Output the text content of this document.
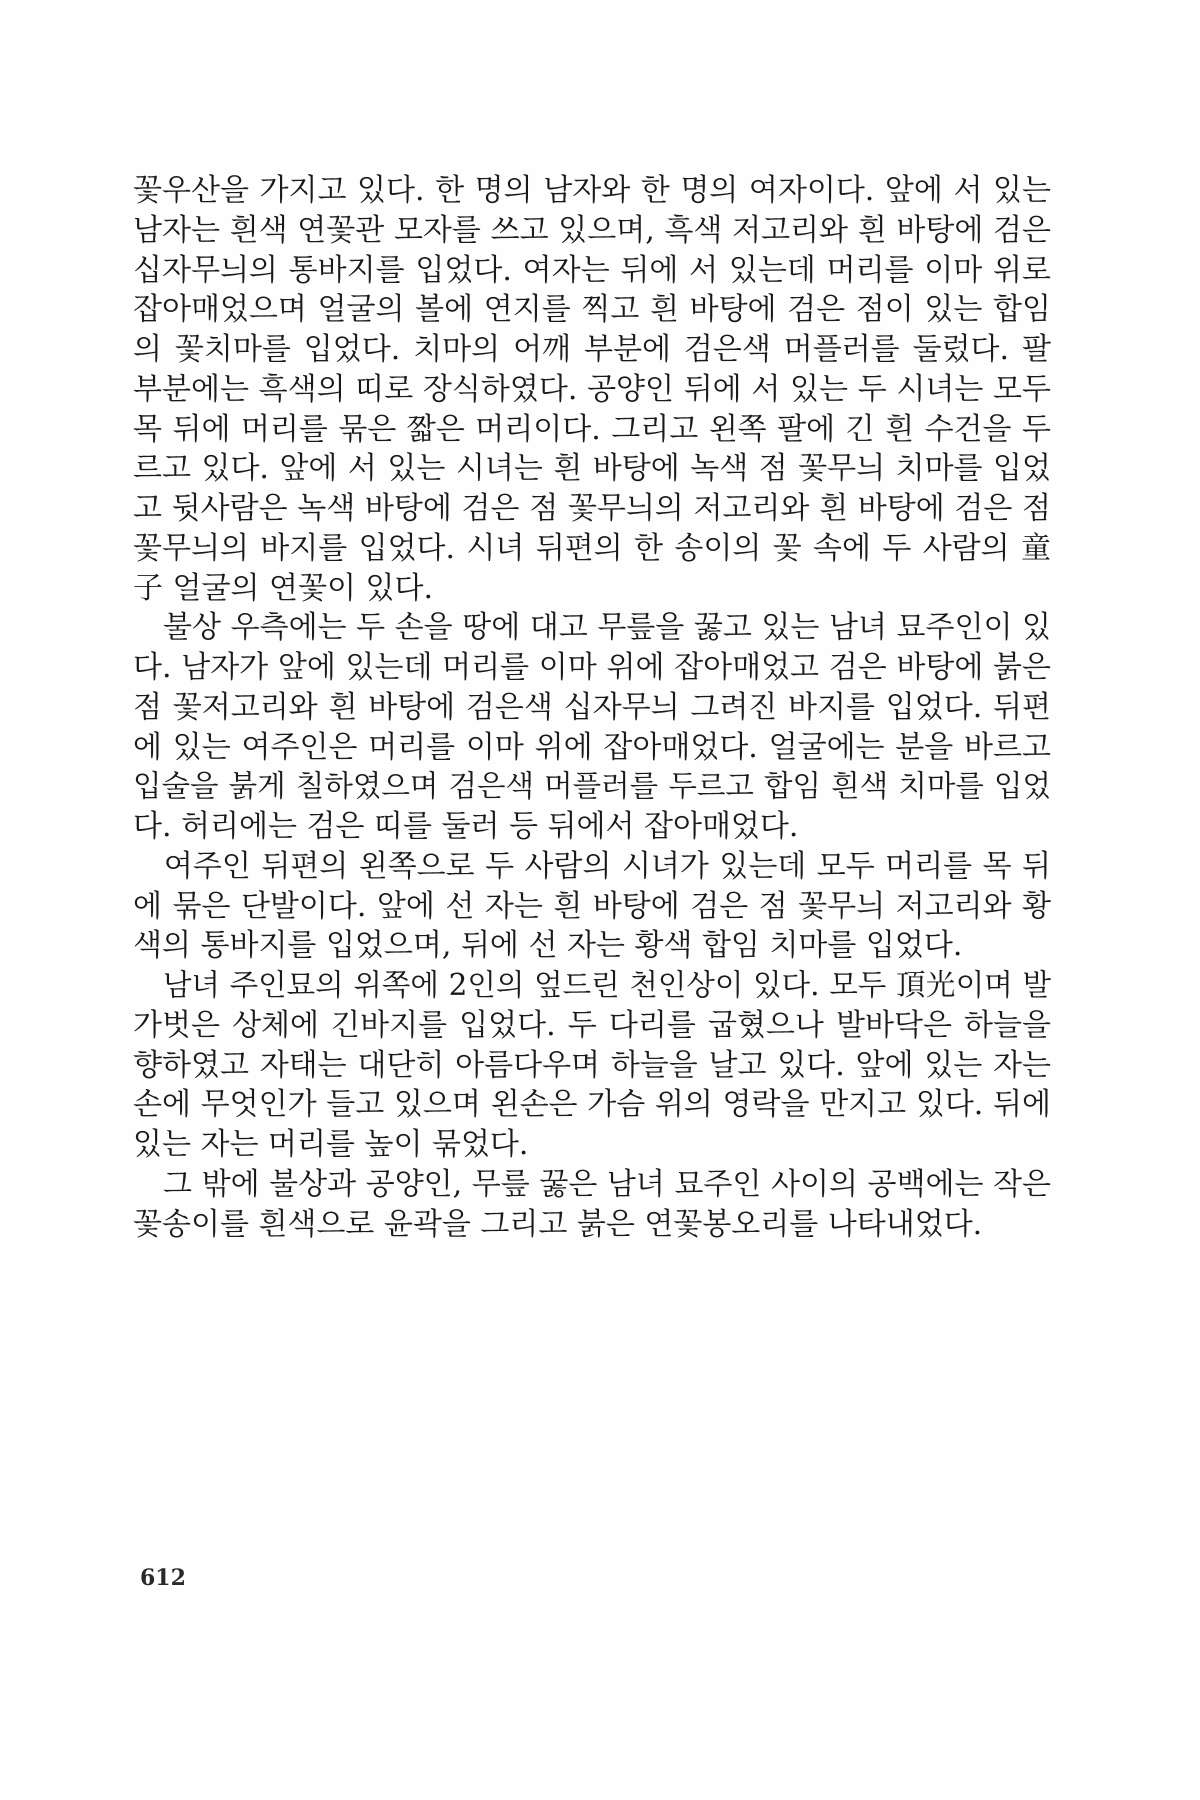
꽃우산을 가지고 있다. 한 명의 남자와 한 명의 여자이다. 앞에 서 있는
남자는 흰색 연꽃관 모자를 쓰고 있으며, 흑색 저고리와 흰 바탕에 검은
십자무늬의 통바지를 입었다. 여자는 뒤에 서 있는데 머리를 이마 위로
잡아매었으며 얼굴의 볼에 연지를 찍고 흰 바탕에 검은 점이 있는 합임
의 꽃치마를 입었다. 치마의 어깨 부분에 검은색 머플러를 둘렀다. 팔
부분에는 흑색의 띠로 장식하였다. 공양인 뒤에 서 있는 두 시녀는 모두
목 뒤에 머리를 묶은 짧은 머리이다. 그리고 왼쪽 팔에 긴 흰 수건을 두
르고 있다. 앞에 서 있는 시녀는 흰 바탕에 녹색 점 꽃무늬 치마를 입었
고 뒷사람은 녹색 바탕에 검은 점 꽃무늬의 저고리와 흰 바탕에 검은 점
꽃무늬의 바지를 입었다. 시녀 뒤편의 한 송이의 꽃 속에 두 사람의 童
子 얼굴의 연꽃이 있다.
　불상 우측에는 두 손을 땅에 대고 무릎을 꿇고 있는 남녀 묘주인이 있
다. 남자가 앞에 있는데 머리를 이마 위에 잡아매었고 검은 바탕에 붉은
점 꽃저고리와 흰 바탕에 검은색 십자무늬 그려진 바지를 입었다. 뒤편
에 있는 여주인은 머리를 이마 위에 잡아매었다. 얼굴에는 분을 바르고
입술을 붉게 칠하였으며 검은색 머플러를 두르고 합임 흰색 치마를 입었
다. 허리에는 검은 띠를 둘러 등 뒤에서 잡아매었다.
　여주인 뒤편의 왼쪽으로 두 사람의 시녀가 있는데 모두 머리를 목 뒤
에 묶은 단발이다. 앞에 선 자는 흰 바탕에 검은 점 꽃무늬 저고리와 황
색의 통바지를 입었으며, 뒤에 선 자는 황색 합임 치마를 입었다.
　남녀 주인묘의 위쪽에 2인의 엎드린 천인상이 있다. 모두 頂光이며 발
가벗은 상체에 긴바지를 입었다. 두 다리를 굽혔으나 발바닥은 하늘을
향하였고 자태는 대단히 아름다우며 하늘을 날고 있다. 앞에 있는 자는
손에 무엇인가 들고 있으며 왼손은 가슴 위의 영락을 만지고 있다. 뒤에
있는 자는 머리를 높이 묶었다.
　그 밖에 불상과 공양인, 무릎 꿇은 남녀 묘주인 사이의 공백에는 작은
꽃송이를 흰색으로 윤곽을 그리고 붉은 연꽃봉오리를 나타내었다.
612
